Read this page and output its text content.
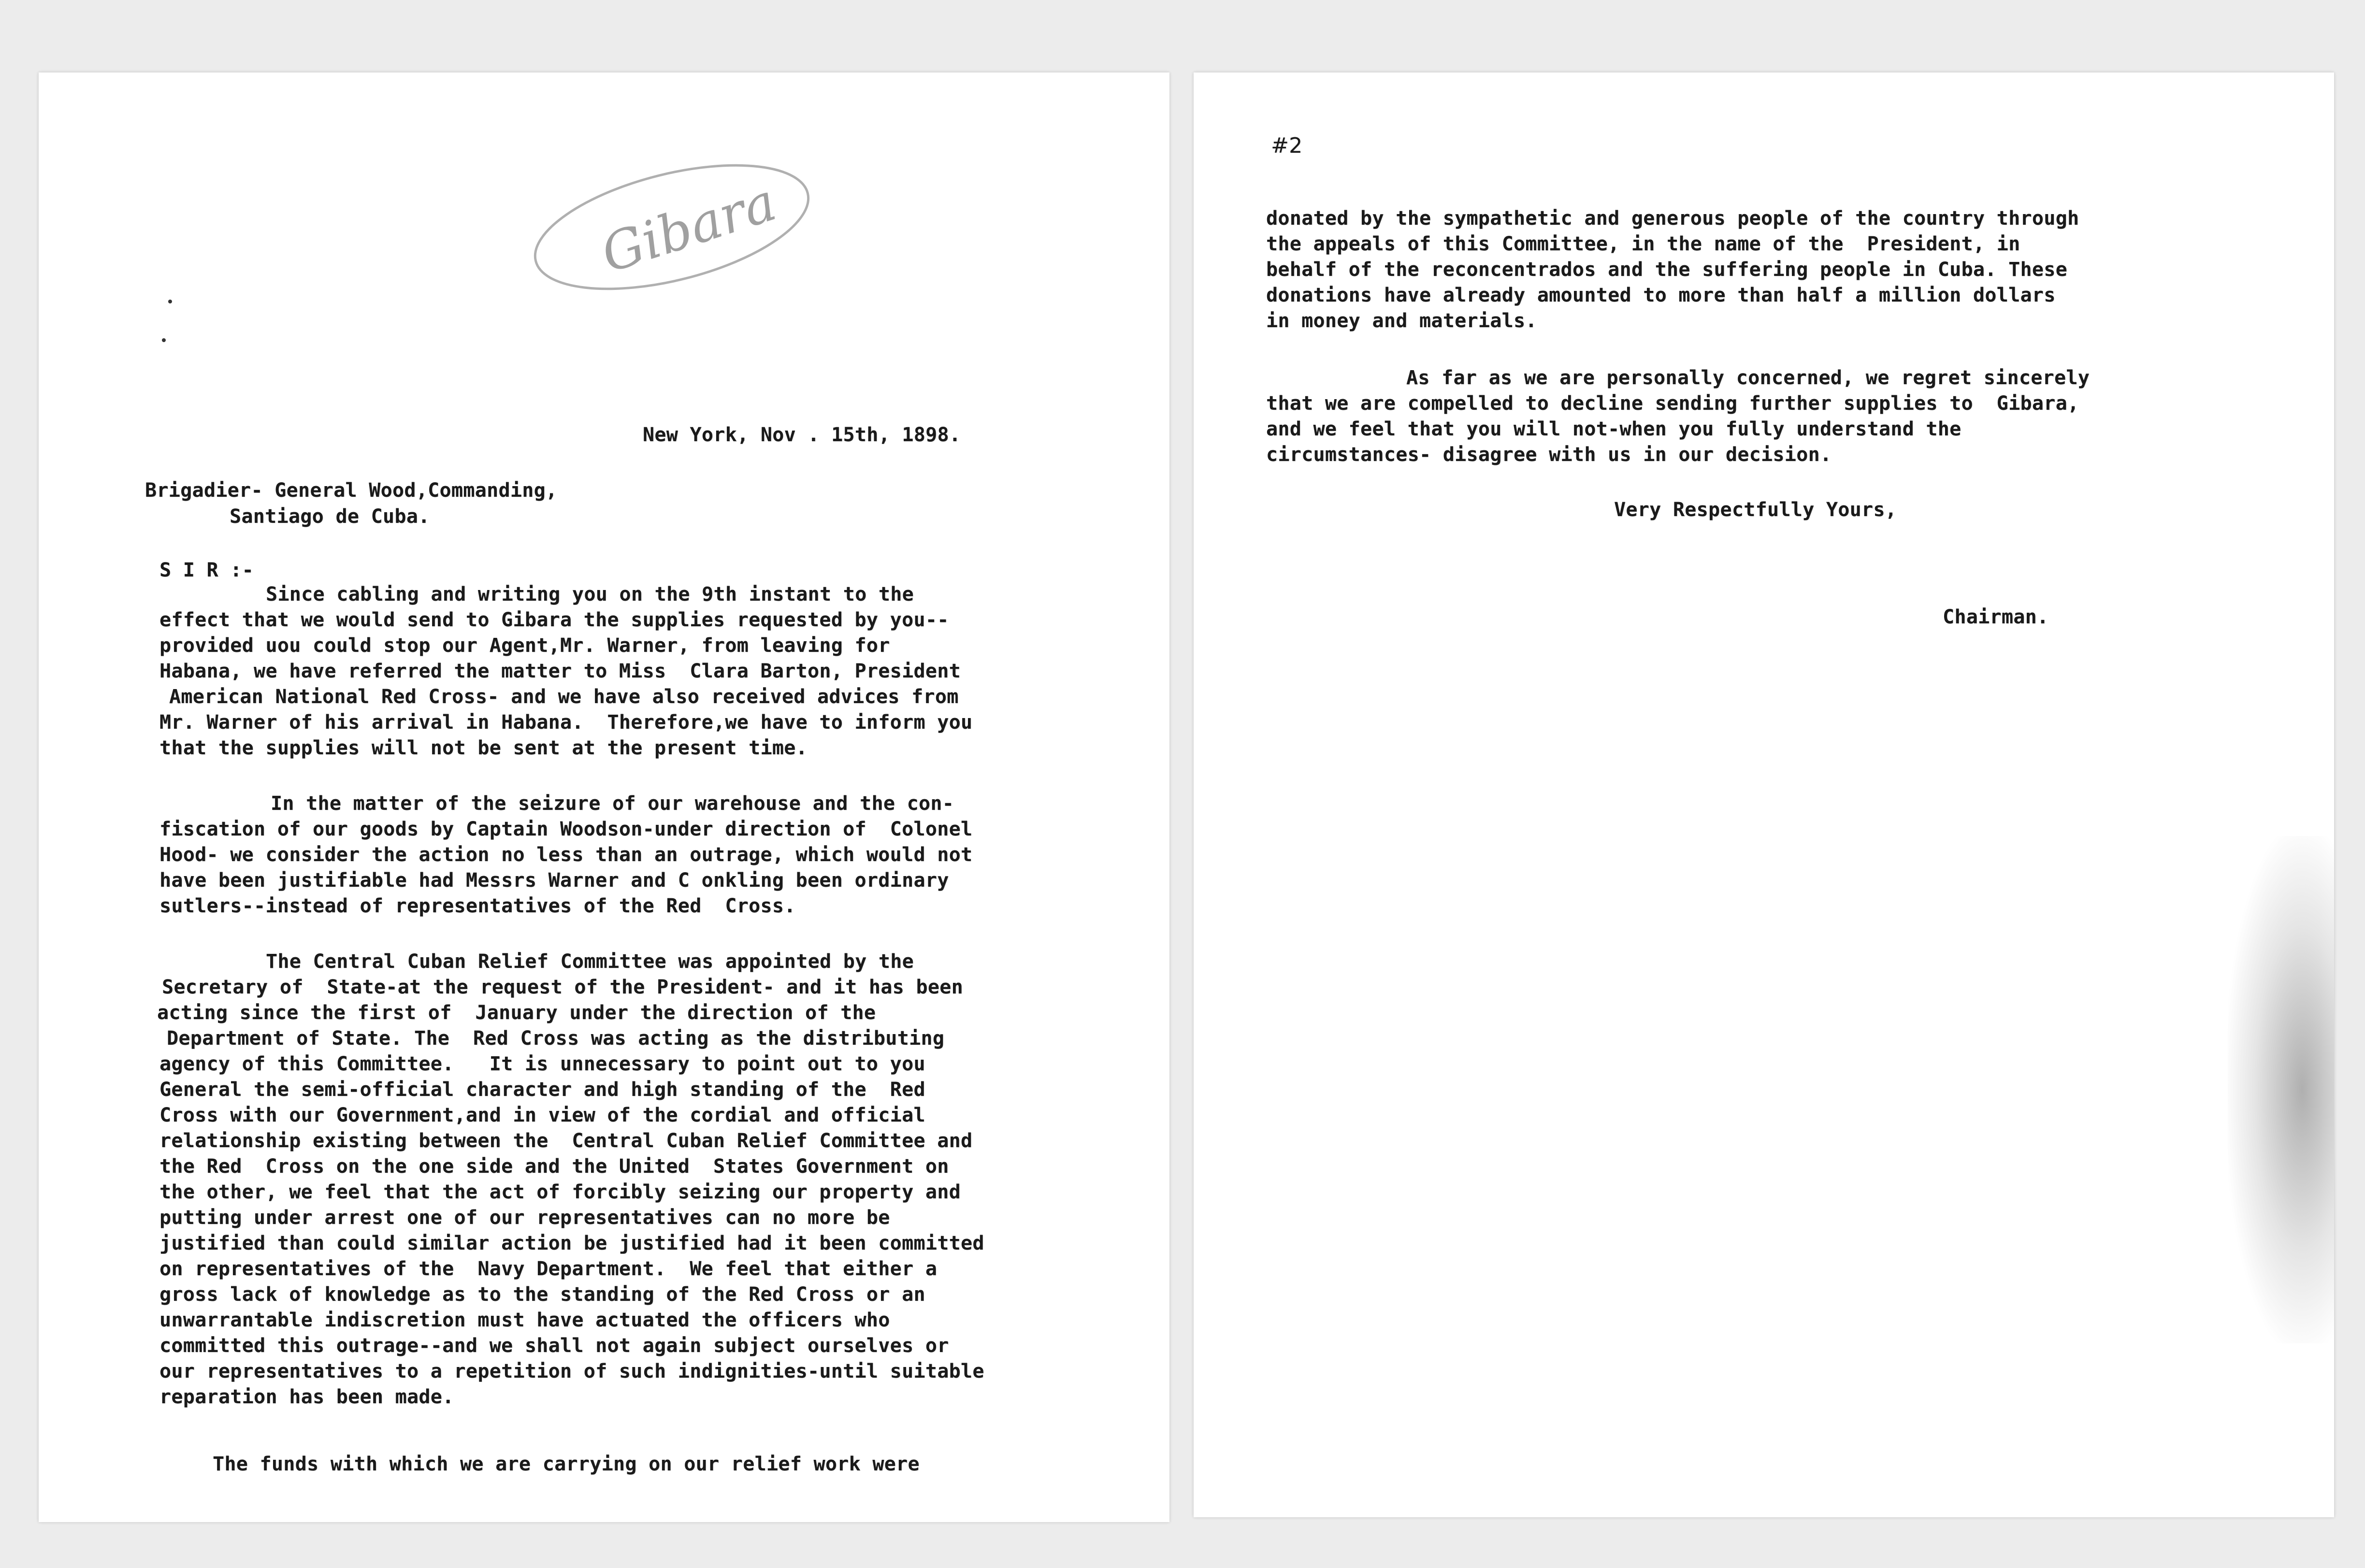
Gibara
New York, Nov . 15th, 1898.
Brigadier- General Wood,Commanding,
Santiago de Cuba.
S I R :-
Since cabling and writing you on the 9th instant to the
effect that we would send to Gibara the supplies requested by you--
provided uou could stop our Agent,Mr. Warner, from leaving for
Habana, we have referred the matter to Miss  Clara Barton, President
American National Red Cross- and we have also received advices from
Mr. Warner of his arrival in Habana.  Therefore,we have to inform you
that the supplies will not be sent at the present time.
In the matter of the seizure of our warehouse and the con-
fiscation of our goods by Captain Woodson-under direction of  Colonel
Hood- we consider the action no less than an outrage, which would not
have been justifiable had Messrs Warner and C onkling been ordinary
sutlers--instead of representatives of the Red  Cross.
The Central Cuban Relief Committee was appointed by the
Secretary of  State-at the request of the President- and it has been
acting since the first of  January under the direction of the
Department of State. The  Red Cross was acting as the distributing
agency of this Committee.   It is unnecessary to point out to you
General the semi-official character and high standing of the  Red
Cross with our Government,and in view of the cordial and official
relationship existing between the  Central Cuban Relief Committee and
the Red  Cross on the one side and the United  States Government on
the other, we feel that the act of forcibly seizing our property and
putting under arrest one of our representatives can no more be
justified than could similar action be justified had it been committed
on representatives of the  Navy Department.  We feel that either a
gross lack of knowledge as to the standing of the Red Cross or an
unwarrantable indiscretion must have actuated the officers who
committed this outrage--and we shall not again subject ourselves or
our representatives to a repetition of such indignities-until suitable
reparation has been made.
The funds with which we are carrying on our relief work were
#2
donated by the sympathetic and generous people of the country through
the appeals of this Committee, in the name of the  President, in
behalf of the reconcentrados and the suffering people in Cuba. These
donations have already amounted to more than half a million dollars
in money and materials.
As far as we are personally concerned, we regret sincerely
that we are compelled to decline sending further supplies to  Gibara,
and we feel that you will not-when you fully understand the
circumstances- disagree with us in our decision.
Very Respectfully Yours,
Chairman.
